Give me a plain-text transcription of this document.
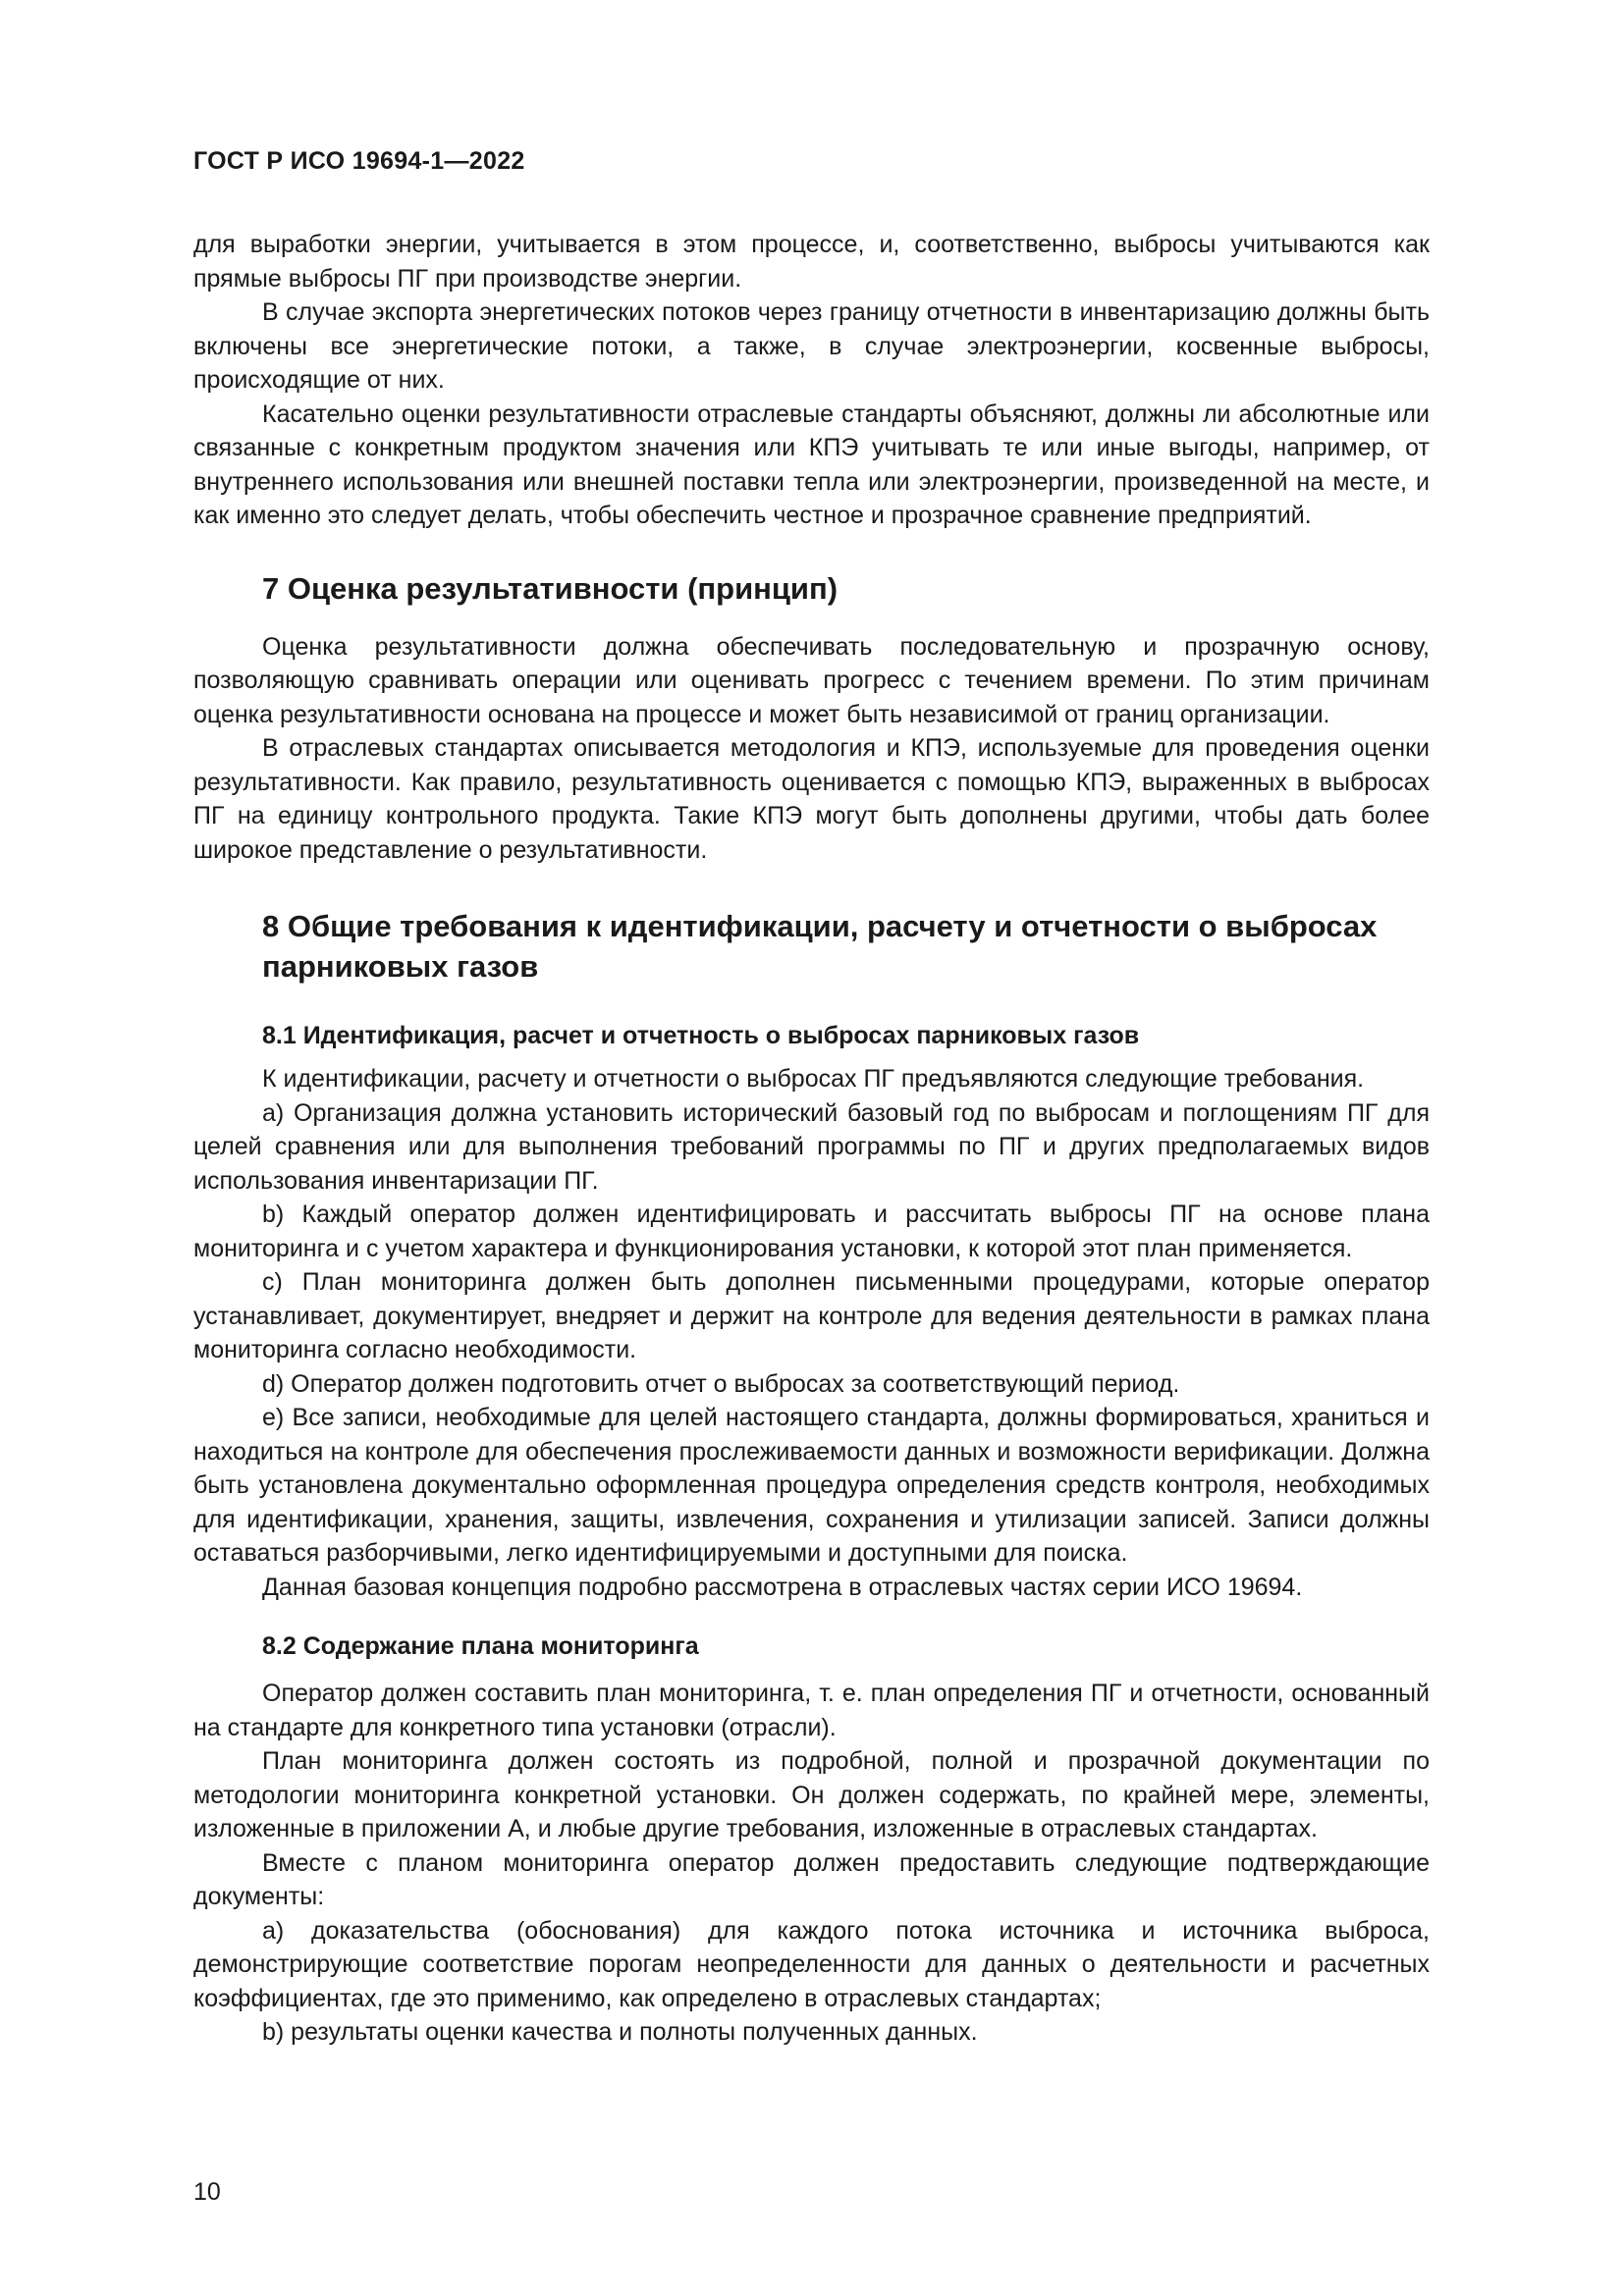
ГОСТ Р ИСО 19694-1—2022

для выработки энергии, учитывается в этом процессе, и, соответственно, выбросы учитываются как прямые выбросы ПГ при производстве энергии.

В случае экспорта энергетических потоков через границу отчетности в инвентаризацию должны быть включены все энергетические потоки, а также, в случае электроэнергии, косвенные выбросы, происходящие от них.

Касательно оценки результативности отраслевые стандарты объясняют, должны ли абсолютные или связанные с конкретным продуктом значения или КПЭ учитывать те или иные выгоды, например, от внутреннего использования или внешней поставки тепла или электроэнергии, произведенной на месте, и как именно это следует делать, чтобы обеспечить честное и прозрачное сравнение предприятий.

7 Оценка результативности (принцип)

Оценка результативности должна обеспечивать последовательную и прозрачную основу, позволяющую сравнивать операции или оценивать прогресс с течением времени. По этим причинам оценка результативности основана на процессе и может быть независимой от границ организации.

В отраслевых стандартах описывается методология и КПЭ, используемые для проведения оценки результативности. Как правило, результативность оценивается с помощью КПЭ, выраженных в выбросах ПГ на единицу контрольного продукта. Такие КПЭ могут быть дополнены другими, чтобы дать более широкое представление о результативности.

8 Общие требования к идентификации, расчету и отчетности о выбросах
парниковых газов
8.1 Идентификация, расчет и отчетность о выбросах парниковых газов

К идентификации, расчету и отчетности о выбросах ПГ предъявляются следующие требования.

a) Организация должна установить исторический базовый год по выбросам и поглощениям ПГ для целей сравнения или для выполнения требований программы по ПГ и других предполагаемых видов использования инвентаризации ПГ.

b) Каждый оператор должен идентифицировать и рассчитать выбросы ПГ на основе плана мониторинга и с учетом характера и функционирования установки, к которой этот план применяется.

c) План мониторинга должен быть дополнен письменными процедурами, которые оператор устанавливает, документирует, внедряет и держит на контроле для ведения деятельности в рамках плана мониторинга согласно необходимости.

d) Оператор должен подготовить отчет о выбросах за соответствующий период.

e) Все записи, необходимые для целей настоящего стандарта, должны формироваться, храниться и находиться на контроле для обеспечения прослеживаемости данных и возможности верификации. Должна быть установлена документально оформленная процедура определения средств контроля, необходимых для идентификации, хранения, защиты, извлечения, сохранения и утилизации записей. Записи должны оставаться разборчивыми, легко идентифицируемыми и доступными для поиска.

Данная базовая концепция подробно рассмотрена в отраслевых частях серии ИСО 19694.

8.2 Содержание плана мониторинга

Оператор должен составить план мониторинга, т. е. план определения ПГ и отчетности, основанный на стандарте для конкретного типа установки (отрасли).

План мониторинга должен состоять из подробной, полной и прозрачной документации по методологии мониторинга конкретной установки. Он должен содержать, по крайней мере, элементы, изложенные в приложении А, и любые другие требования, изложенные в отраслевых стандартах.

Вместе с планом мониторинга оператор должен предоставить следующие подтверждающие документы:

a) доказательства (обоснования) для каждого потока источника и источника выброса, демонстрирующие соответствие порогам неопределенности для данных о деятельности и расчетных коэффициентах, где это применимо, как определено в отраслевых стандартах;

b) результаты оценки качества и полноты полученных данных.

10
